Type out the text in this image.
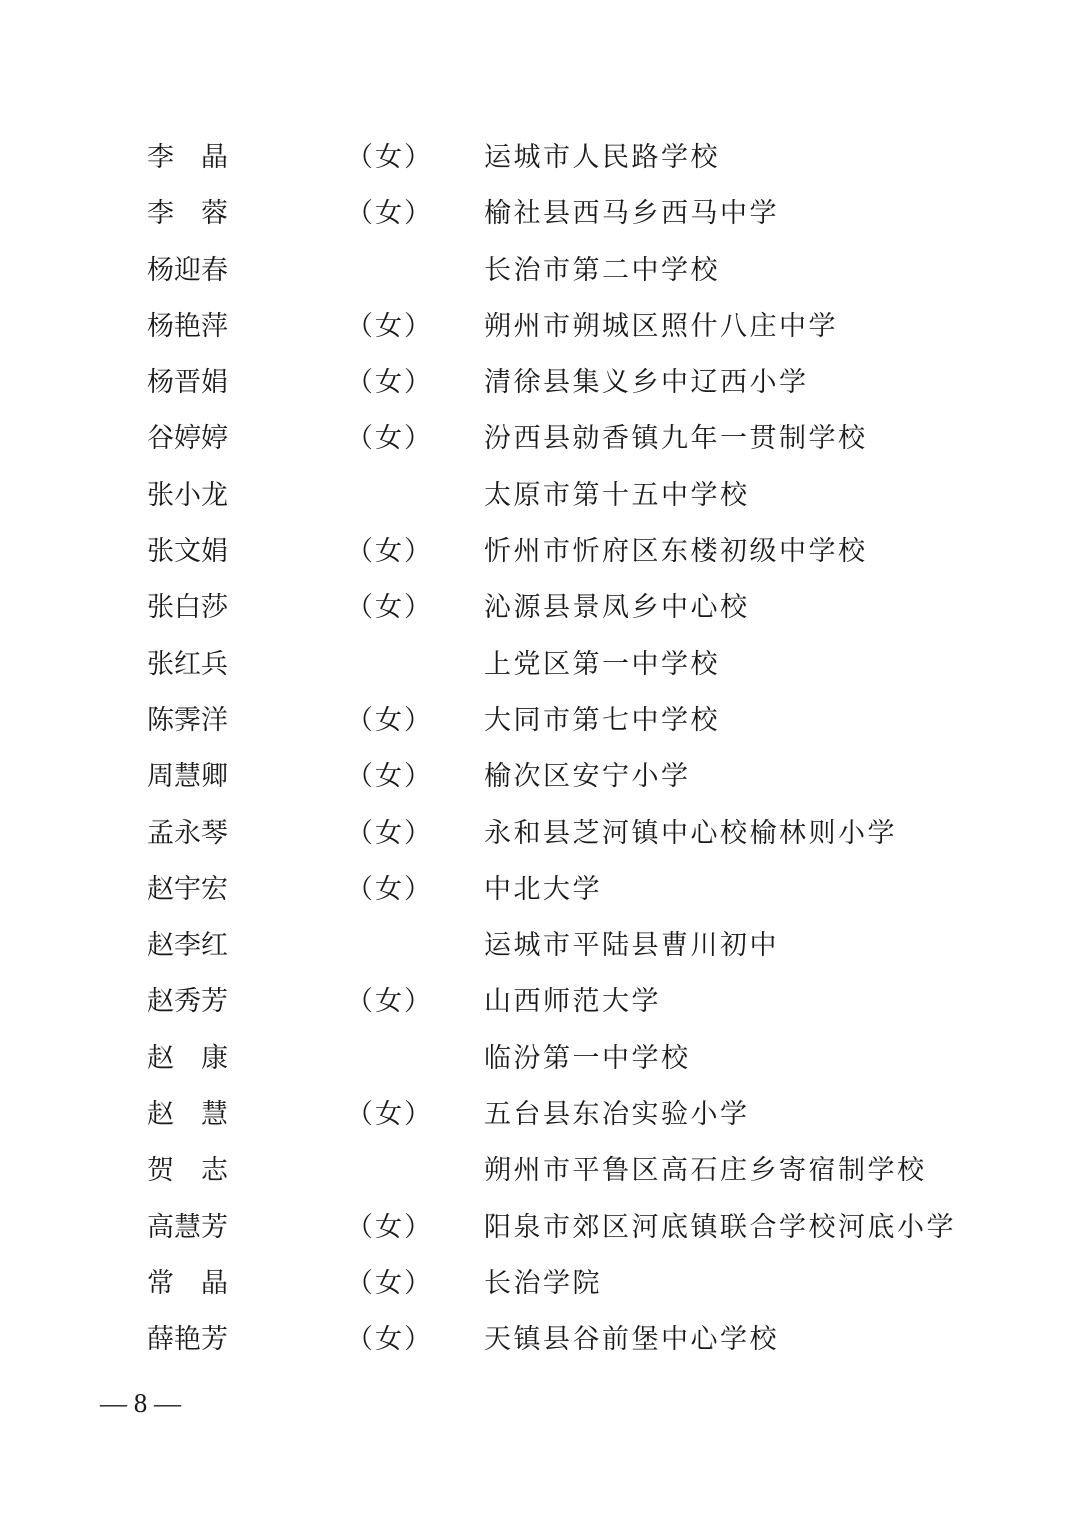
李　晶	（女） 运城市人民路学校
李　蓉	（女） 榆社县西马乡西马中学
杨迎春	长治市第二中学校
杨艳萍	（女） 朔州市朔城区照什八庄中学
杨晋娟	（女） 清徐县集义乡中辽西小学
谷婷婷	（女） 汾西县勍香镇九年一贯制学校
张小龙	太原市第十五中学校
张文娟	（女） 忻州市忻府区东楼初级中学校
张白莎	（女） 沁源县景凤乡中心校
张红兵	上党区第一中学校
陈霁洋	（女） 大同市第七中学校
周慧卿	（女） 榆次区安宁小学
孟永琴	（女） 永和县芝河镇中心校榆林则小学
赵宇宏	（女） 中北大学
赵李红	运城市平陆县曹川初中
赵秀芳	（女） 山西师范大学
赵　康	临汾第一中学校
赵　慧	（女） 五台县东冶实验小学
贺　志	朔州市平鲁区高石庄乡寄宿制学校
高慧芳	（女） 阳泉市郊区河底镇联合学校河底小学
常　晶	（女） 长治学院
薛艳芳	（女） 天镇县谷前堡中心学校
— 8 —
